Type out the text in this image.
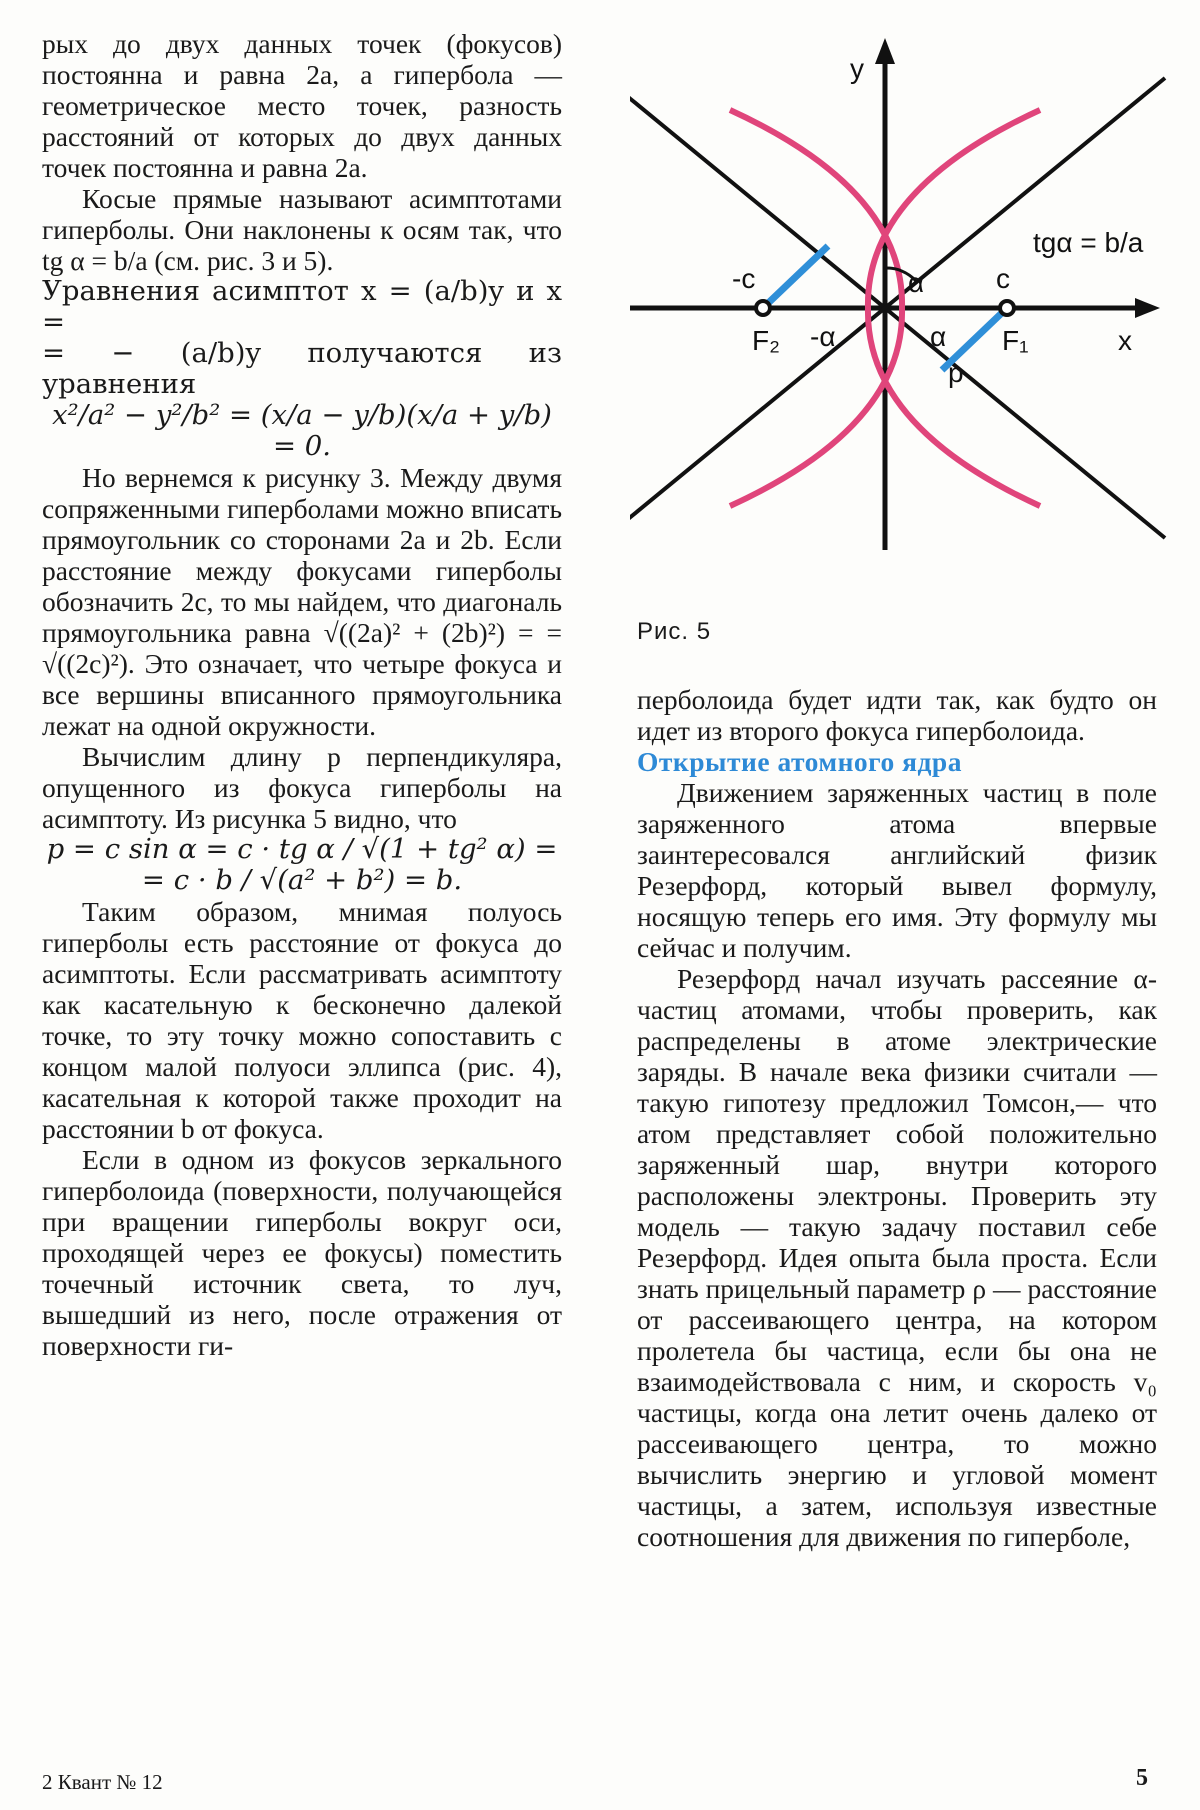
рых до двух данных точек (фокусов) постоянна и равна 2a, а гипербола — геометрическое место точек, разность расстояний от которых до двух данных точек постоянна и равна 2a.

Косые прямые называют асимптотами гиперболы. Они наклонены к осям так, что tg α = b/a (см. рис. 3 и 5).

Уравнения асимптот x = (a/b)y и x =

= − (a/b)y получаются из уравнения

x²/a² − y²/b² = (x/a − y/b)(x/a + y/b) = 0.

Но вернемся к рисунку 3. Между двумя сопряженными гиперболами можно вписать прямоугольник со сторонами 2a и 2b. Если расстояние между фокусами гиперболы обозначить 2c, то мы найдем, что диагональ прямоугольника равна √((2a)² + (2b)²) = = √((2c)²). Это означает, что четыре фокуса и все вершины вписанного прямоугольника лежат на одной окружности.

Вычислим длину p перпендикуляра, опущенного из фокуса гиперболы на асимптоту. Из рисунка 5 видно, что

p = c sin α = c · tg α / √(1 + tg² α) =

= c · b / √(a² + b²) = b.

Таким образом, мнимая полуось гиперболы есть расстояние от фокуса до асимптоты. Если рассматривать асимптоту как касательную к бесконечно далекой точке, то эту точку можно сопоставить с концом малой полуоси эллипса (рис. 4), касательная к которой также проходит на расстоянии b от фокуса.

Если в одном из фокусов зеркального гиперболоида (поверхности, получающейся при вращении гиперболы вокруг оси, проходящей через ее фокусы) поместить точечный источник света, то луч, вышедший из него, после отражения от поверхности ги-

y
x
-c	c
F₂	F₁
-α	α
α
p
tgα = b/a
Рис. 5

перболоида будет идти так, как будто он идет из второго фокуса гиперболоида.

Открытие атомного ядра

Движением заряженных частиц в поле заряженного атома впервые заинтересовался английский физик Резерфорд, который вывел формулу, носящую теперь его имя. Эту формулу мы сейчас и получим.

Резерфорд начал изучать рассеяние α-частиц атомами, чтобы проверить, как распределены в атоме электрические заряды. В начале века физики считали — такую гипотезу предложил Томсон,— что атом представляет собой положительно заряженный шар, внутри которого расположены электроны. Проверить эту модель — такую задачу поставил себе Резерфорд. Идея опыта была проста. Если знать прицельный параметр ρ — расстояние от рассеивающего центра, на котором пролетела бы частица, если бы она не взаимодействовала с ним, и скорость v₀ частицы, когда она летит очень далеко от рассеивающего центра, то можно вычислить энергию и угловой момент частицы, а затем, используя известные соотношения для движения по гиперболе,

2 Квант № 12	5
